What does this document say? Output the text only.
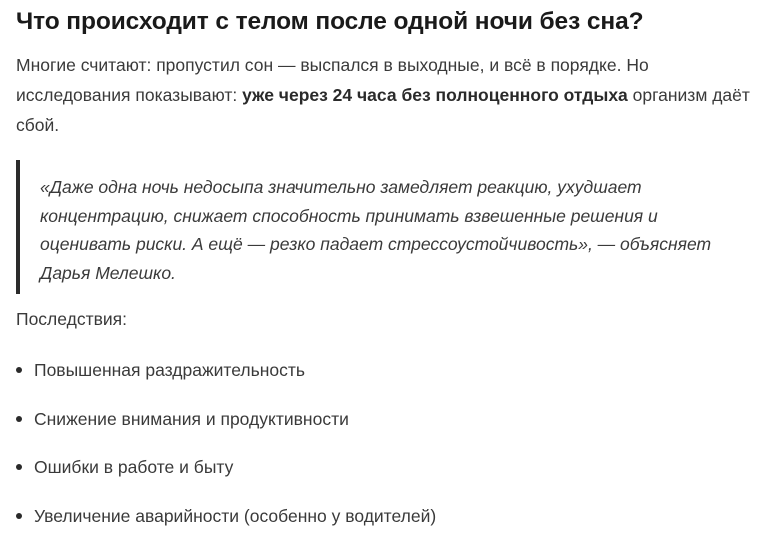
Что происходит с телом после одной ночи без сна?

Многие считают: пропустил сон — выспался в выходные, и всё в порядке. Но исследования показывают: уже через 24 часа без полноценного отдыха организм даёт сбой.

«Даже одна ночь недосыпа значительно замедляет реакцию, ухудшает концентрацию, снижает способность принимать взвешенные решения и оценивать риски. А ещё — резко падает стрессоустойчивость», — объясняет Дарья Мелешко.

Последствия:

Повышенная раздражительность
Снижение внимания и продуктивности
Ошибки в работе и быту
Увеличение аварийности (особенно у водителей)
